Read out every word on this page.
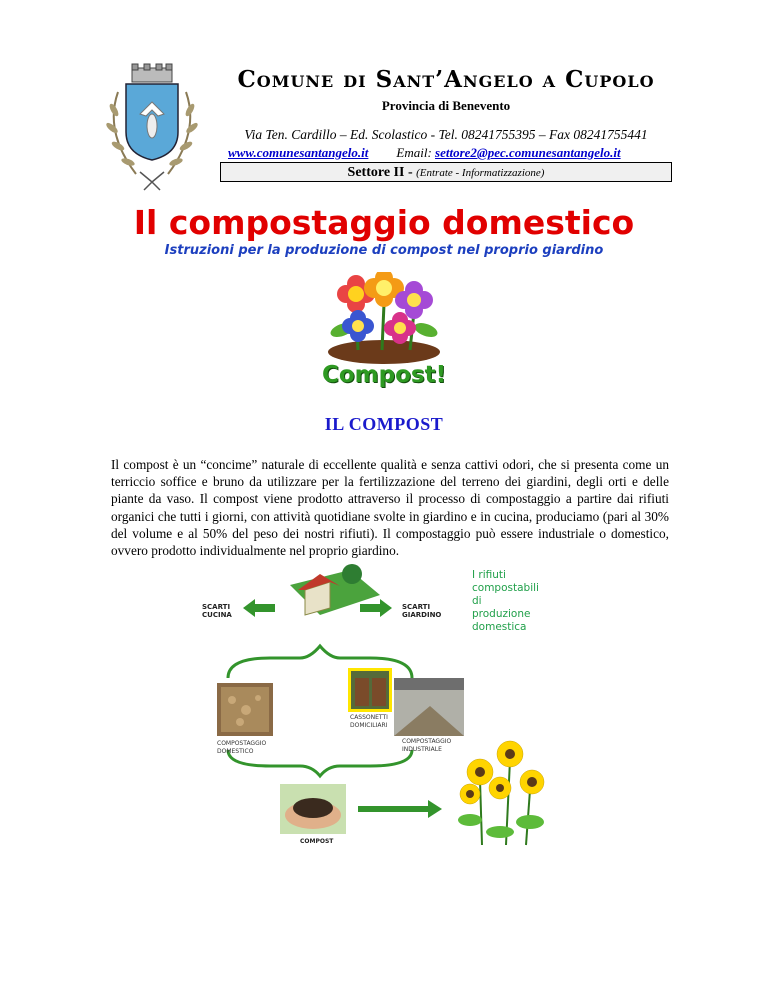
Comune di Sant’Angelo a Cupolo
Provincia di Benevento
Via Ten. Cardillo – Ed. Scolastico - Tel. 08241755395 – Fax 08241755441
www.comunesantangelo.it Email: settore2@pec.comunesantangelo.it
Settore II - (Entrate - Informatizzazione)
Il compostaggio domestico
Istruzioni per la produzione di compost nel proprio giardino
Compost!
IL COMPOST
Il compost è un “concime” naturale di eccellente qualità e senza cattivi odori, che si presenta come un terriccio soffice e bruno da utilizzare per la fertilizzazione del terreno dei giardini, degli orti e delle piante da vaso. Il compost viene prodotto attraverso il processo di compostaggio a partire dai rifiuti organici che tutti i giorni, con attività quotidiane svolte in giardino e in cucina, produciamo (pari al 30% del volume e al 50% del peso dei nostri rifiuti). Il compostaggio può essere industriale o domestico, ovvero prodotto individualmente nel proprio giardino.
SCARTI
CUCINA
SCARTI
GIARDINO
CASSONETTI
DOMICILIARI
COMPOSTAGGIO
DOMESTICO
COMPOSTAGGIO
INDUSTRIALE
COMPOST
I rifiuti
compostabili
di
produzione
domestica
